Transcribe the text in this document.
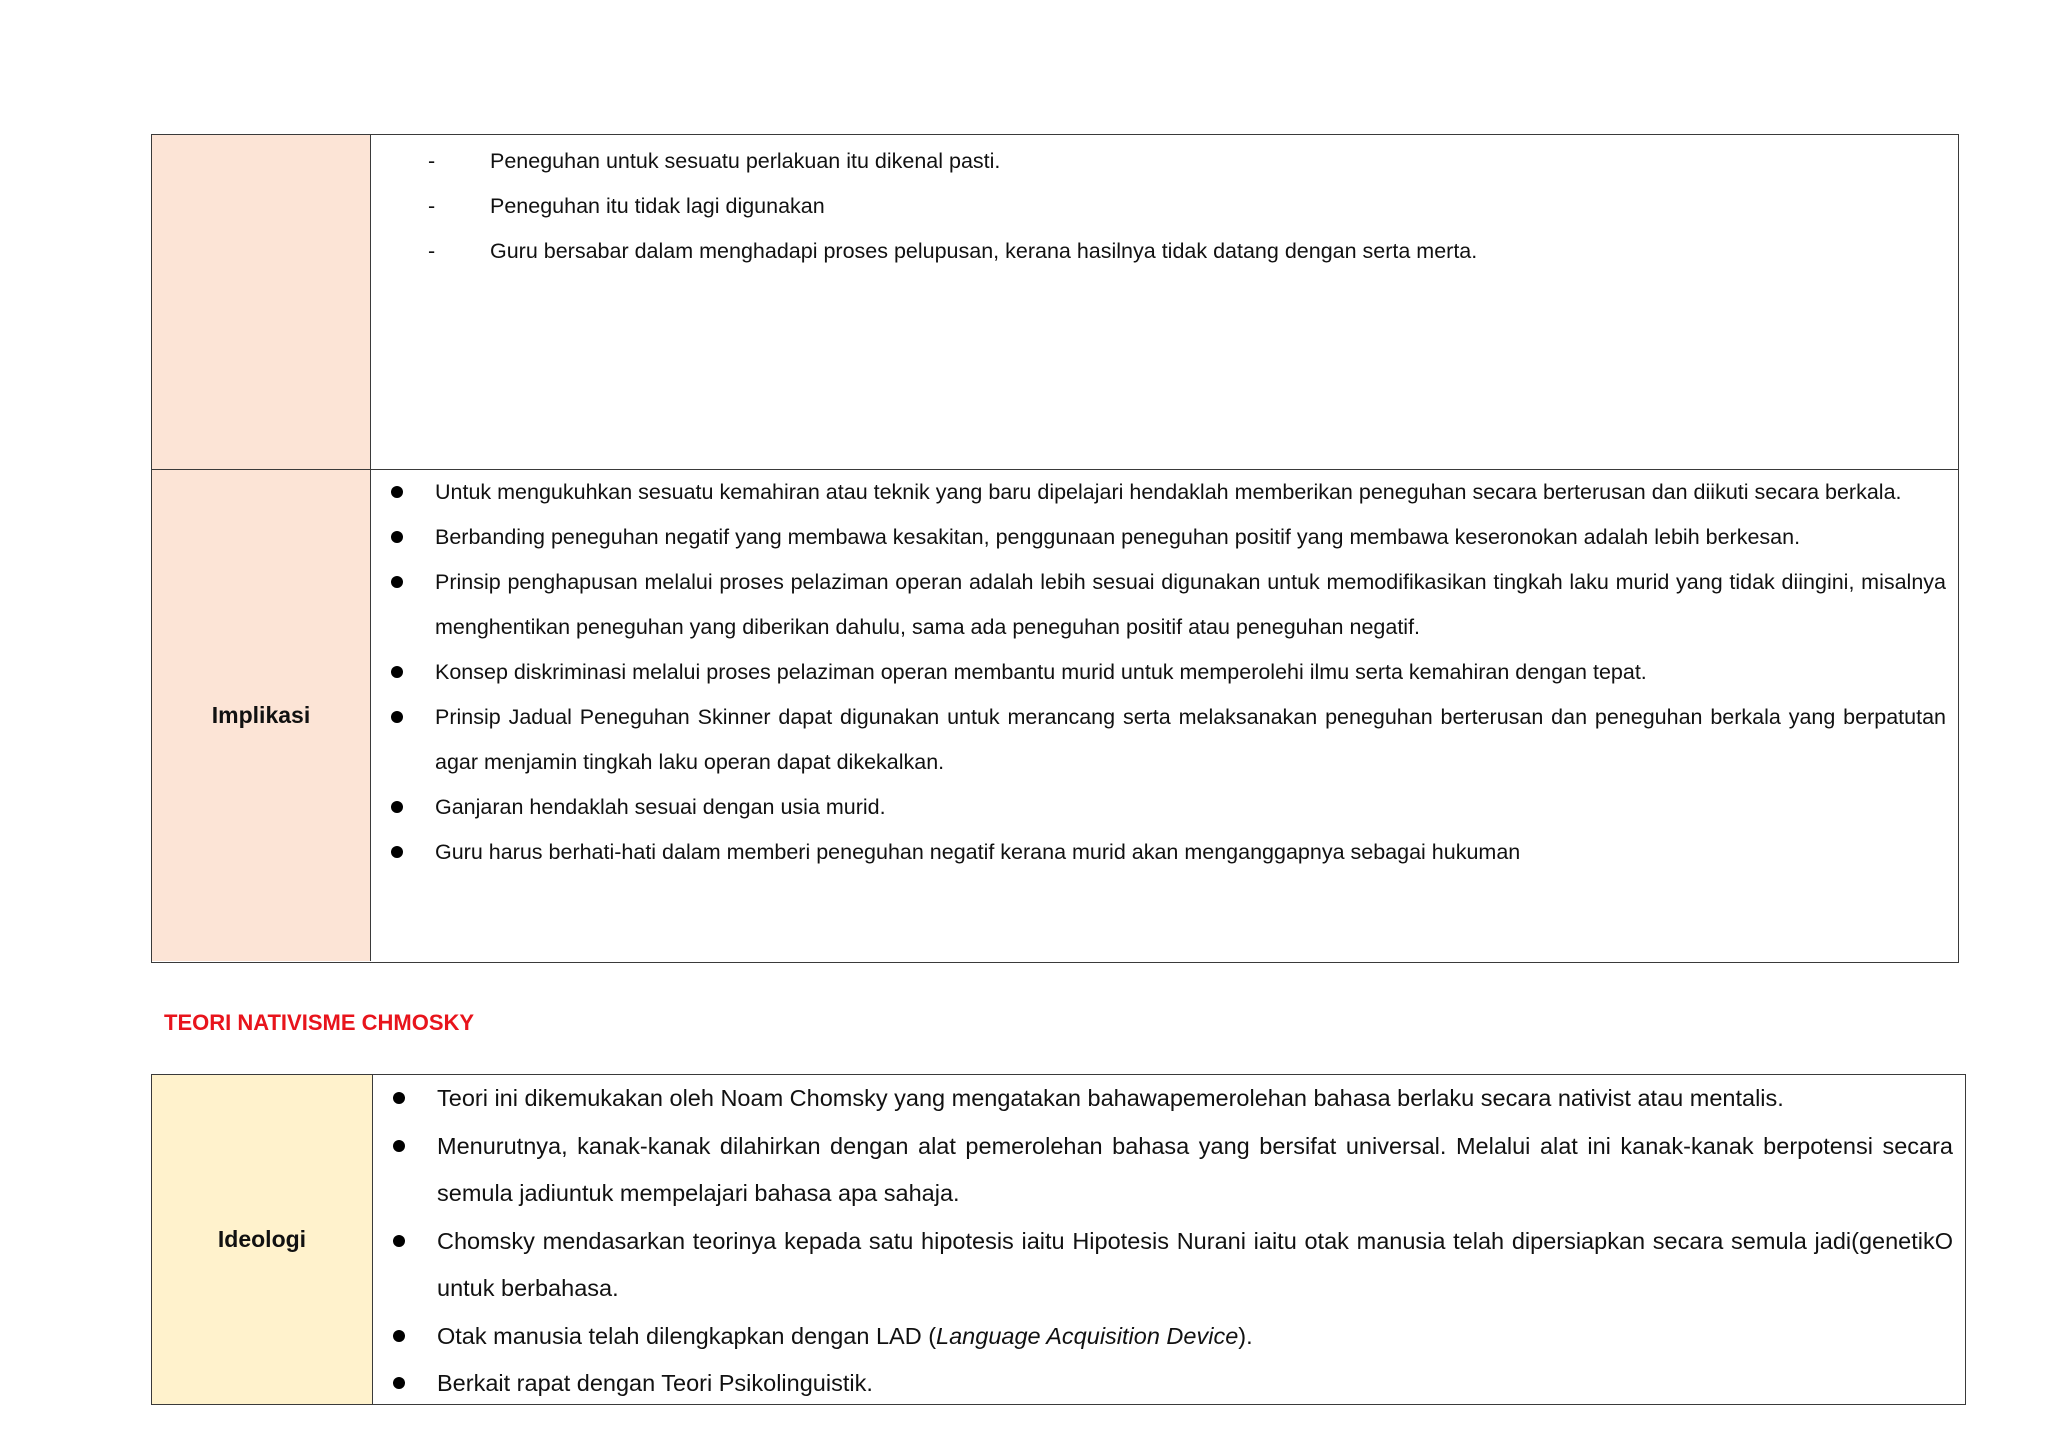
-	Peneguhan untuk sesuatu perlakuan itu dikenal pasti.
-	Peneguhan itu tidak lagi digunakan
-	Guru bersabar dalam menghadapi proses pelupusan, kerana hasilnya tidak datang dengan serta merta.
Implikasi
Untuk mengukuhkan sesuatu kemahiran atau teknik yang baru dipelajari hendaklah memberikan peneguhan secara berterusan dan diikuti secara berkala.
Berbanding peneguhan negatif yang membawa kesakitan, penggunaan peneguhan positif yang membawa keseronokan adalah lebih berkesan.
Prinsip penghapusan melalui proses pelaziman operan adalah lebih sesuai digunakan untuk memodifikasikan tingkah laku murid yang tidak diingini, misalnya menghentikan peneguhan yang diberikan dahulu, sama ada peneguhan positif atau peneguhan negatif.
Konsep diskriminasi melalui proses pelaziman operan membantu murid untuk memperolehi ilmu serta kemahiran dengan tepat.
Prinsip Jadual Peneguhan Skinner dapat digunakan untuk merancang serta melaksanakan peneguhan berterusan dan peneguhan berkala yang berpatutan agar menjamin tingkah laku operan dapat dikekalkan.
Ganjaran hendaklah sesuai dengan usia murid.
Guru harus berhati-hati dalam memberi peneguhan negatif kerana murid akan menganggapnya sebagai hukuman
TEORI NATIVISME CHMOSKY
Ideologi
Teori ini dikemukakan oleh Noam Chomsky yang mengatakan bahawapemerolehan bahasa berlaku secara nativist atau mentalis.
Menurutnya, kanak-kanak dilahirkan dengan alat pemerolehan bahasa yang bersifat universal. Melalui alat ini kanak-kanak berpotensi secara semula jadiuntuk mempelajari bahasa apa sahaja.
Chomsky mendasarkan teorinya kepada satu hipotesis iaitu Hipotesis Nurani iaitu otak manusia telah dipersiapkan secara semula jadi(genetikO untuk berbahasa.
Otak manusia telah dilengkapkan dengan LAD (Language Acquisition Device).
Berkait rapat dengan Teori Psikolinguistik.
